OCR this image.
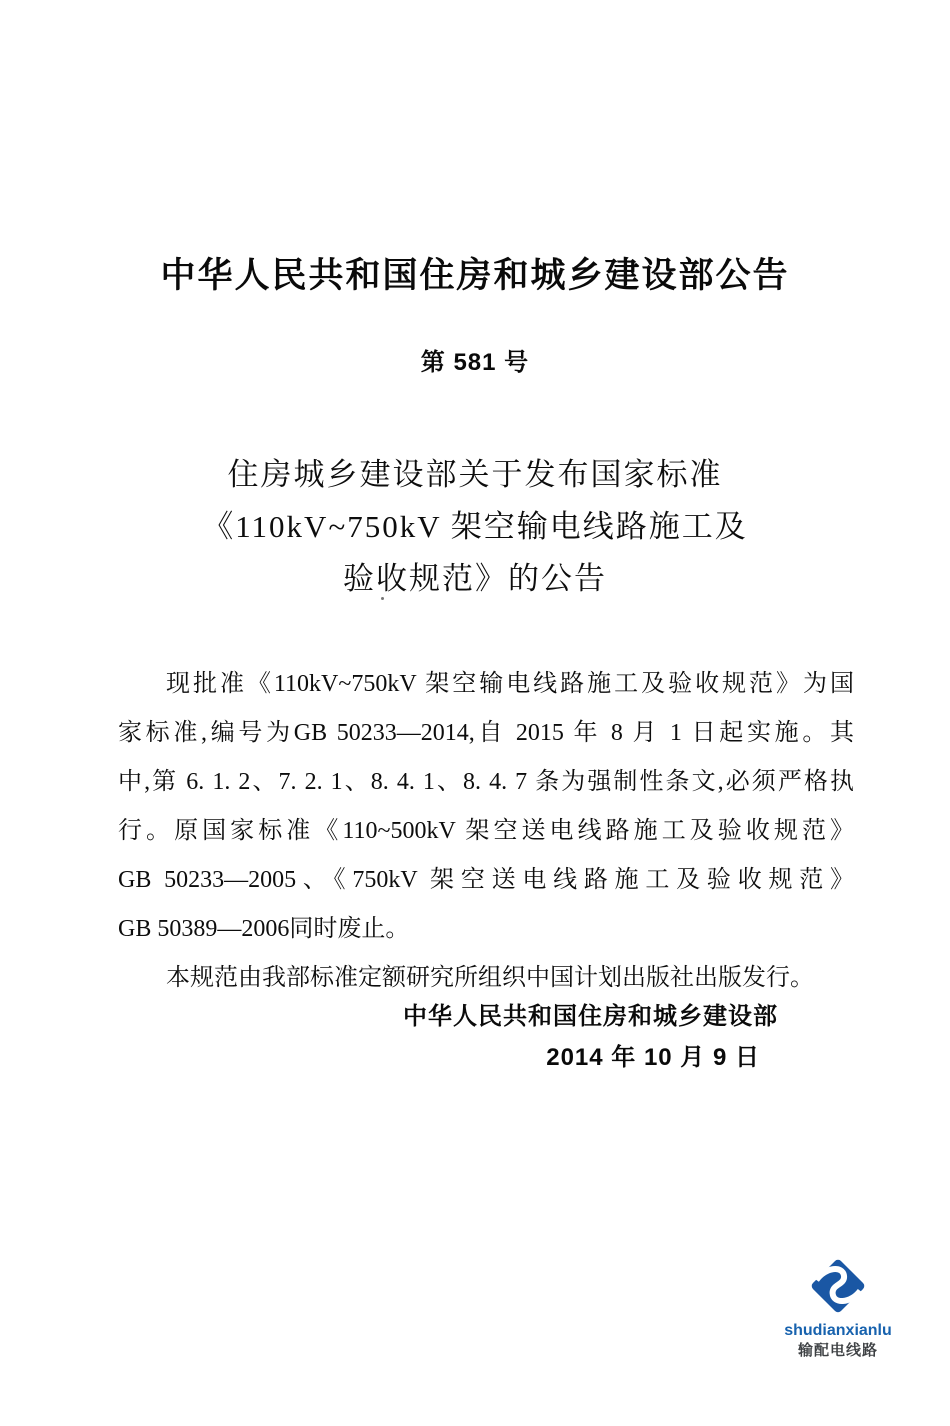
中华人民共和国住房和城乡建设部公告
第 581 号
住房城乡建设部关于发布国家标准
《110kV~750kV 架空输电线路施工及
验收规范》的公告
现批准《110kV~750kV 架空输电线路施工及验收规范》为国
家标准,编号为GB 50233—2014,自 2015 年 8 月 1 日起实施。其
中,第 6. 1. 2、7. 2. 1、8. 4. 1、8. 4. 7 条为强制性条文,必须严格执
行。原国家标准《110~500kV 架空送电线路施工及验收规范》
GB 50233—2005、《750kV 架空送电线路施工及验收规范》
GB 50389—2006同时废止。
本规范由我部标准定额研究所组织中国计划出版社出版发行。
中华人民共和国住房和城乡建设部
2014 年 10 月 9 日
shudianxianlu
输配电线路
